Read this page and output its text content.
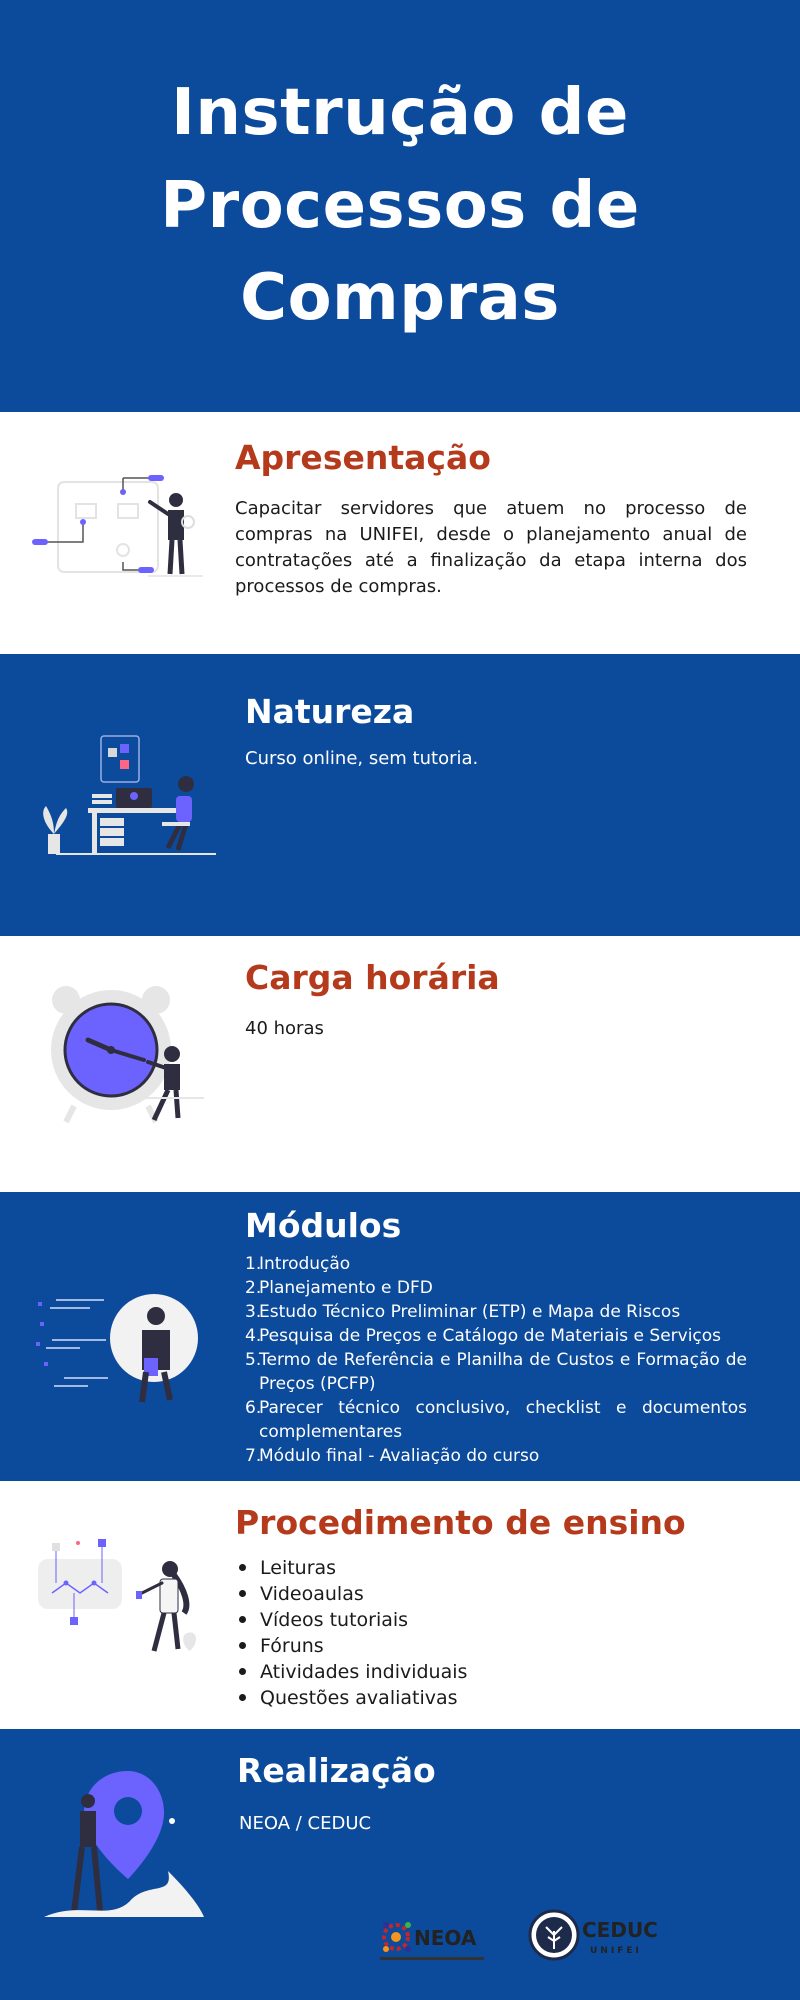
Instrução de Processos de Compras
Apresentação

Capacitar servidores que atuem no processo de compras na UNIFEI, desde o planejamento anual de contratações até a finalização da etapa interna dos processos de compras.

Natureza

Curso online, sem tutoria.

Carga horária

40 horas

Módulos
1.
Introdução
2.
Planejamento e DFD
3.
Estudo Técnico Preliminar (ETP) e Mapa de Riscos
4.
Pesquisa de Preços e Catálogo de Materiais e Serviços
5.
Termo de Referência e Planilha de Custos e Formação de Preços (PCFP)
6.
Parecer técnico conclusivo, checklist e documentos complementares
7.
Módulo final - Avaliação do curso
Procedimento de ensino
Leituras
Videoaulas
Vídeos tutoriais
Fóruns
Atividades individuais
Questões avaliativas
Realização

NEOA / CEDUC

NEOA	CEDUC
UNIFEI
